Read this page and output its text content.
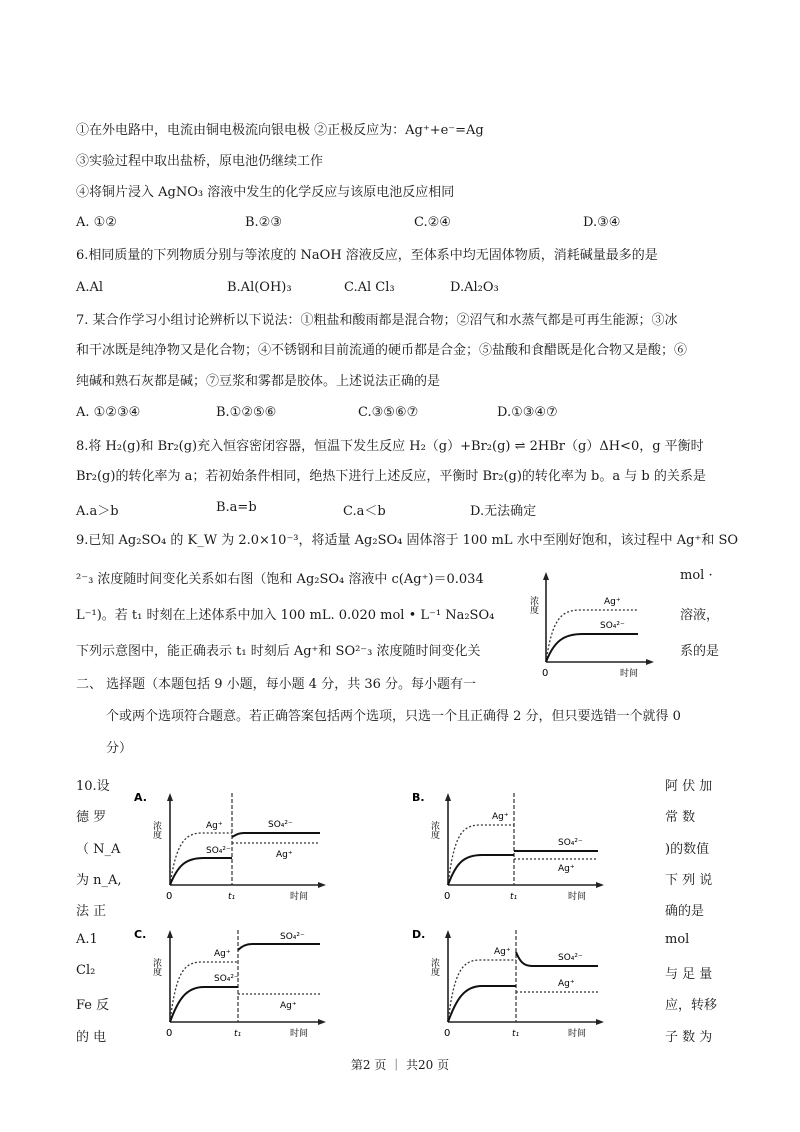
①在外电路中，电流由铜电极流向银电极 ②正极反应为：Ag⁺+e⁻=Ag
③实验过程中取出盐桥，原电池仍继续工作
④将铜片浸入 AgNO₃ 溶液中发生的化学反应与该原电池反应相同
A. ①②	B.②③	C.②④	D.③④
6.相同质量的下列物质分别与等浓度的 NaOH 溶液反应，至体系中均无固体物质，消耗碱量最多的是
A.Al	B.Al(OH)₃	C.Al Cl₃	D.Al₂O₃
7. 某合作学习小组讨论辨析以下说法：①粗盐和酸雨都是混合物；②沼气和水蒸气都是可再生能源；③冰
和干冰既是纯净物又是化合物；④不锈钢和目前流通的硬币都是合金；⑤盐酸和食醋既是化合物又是酸；⑥
纯碱和熟石灰都是碱；⑦豆浆和雾都是胶体。上述说法正确的是
A. ①②③④	B.①②⑤⑥	C.③⑤⑥⑦	D.①③④⑦
8.将 H₂(g)和 Br₂(g)充入恒容密闭容器，恒温下发生反应 H₂（g）+Br₂(g) ⇌ 2HBr（g）ΔH<0，g 平衡时
Br₂(g)的转化率为 a；若初始条件相同，绝热下进行上述反应，平衡时 Br₂(g)的转化率为 b。a 与 b 的关系是
A.a＞b	B.a=b	C.a＜b	D.无法确定
9.已知 Ag₂SO₄ 的 K_W 为 2.0×10⁻³，将适量 Ag₂SO₄ 固体溶于 100 mL 水中至刚好饱和，该过程中 Ag⁺和 SO
²⁻₃ 浓度随时间变化关系如右图（饱和 Ag₂SO₄ 溶液中 c(Ag⁺)＝0.034	mol ·
L⁻¹)。若 t₁ 时刻在上述体系中加入 100 mL. 0.020 mol • L⁻¹ Na₂SO₄	溶液，
下列示意图中，能正确表示 t₁ 时刻后 Ag⁺和 SO²⁻₃ 浓度随时间变化关	系的是
浓度
时间
0
Ag⁺
SO₄²⁻
二、 选择题（本题包括 9 小题，每小题 4 分，共 36 分。每小题有一
个或两个选项符合题意。若正确答案包括两个选项，只选一个且正确得 2 分，但只要选错一个就得 0
分）
10.设
德 罗
（ N_A
为 n_A,
法 正
A.1
Cl₂
Fe 反
的 电
阿 伏 加
常 数
)的数值
下 列 说
确的是
mol
与 足 量
应，转移
子 数 为
A.
浓度
时间
0	t₁
Ag⁺
SO₄²⁻
SO₄²⁻
Ag⁺
B.
浓度
时间
0	t₁
Ag⁺
SO₄²⁻
Ag⁺
C.
浓度
时间
0	t₁
Ag⁺
SO₄²⁻
SO₄²⁻
Ag⁺
D.
浓度
时间
0	t₁
Ag⁺
SO₄²⁻
Ag⁺
第2 页 ｜ 共20 页
